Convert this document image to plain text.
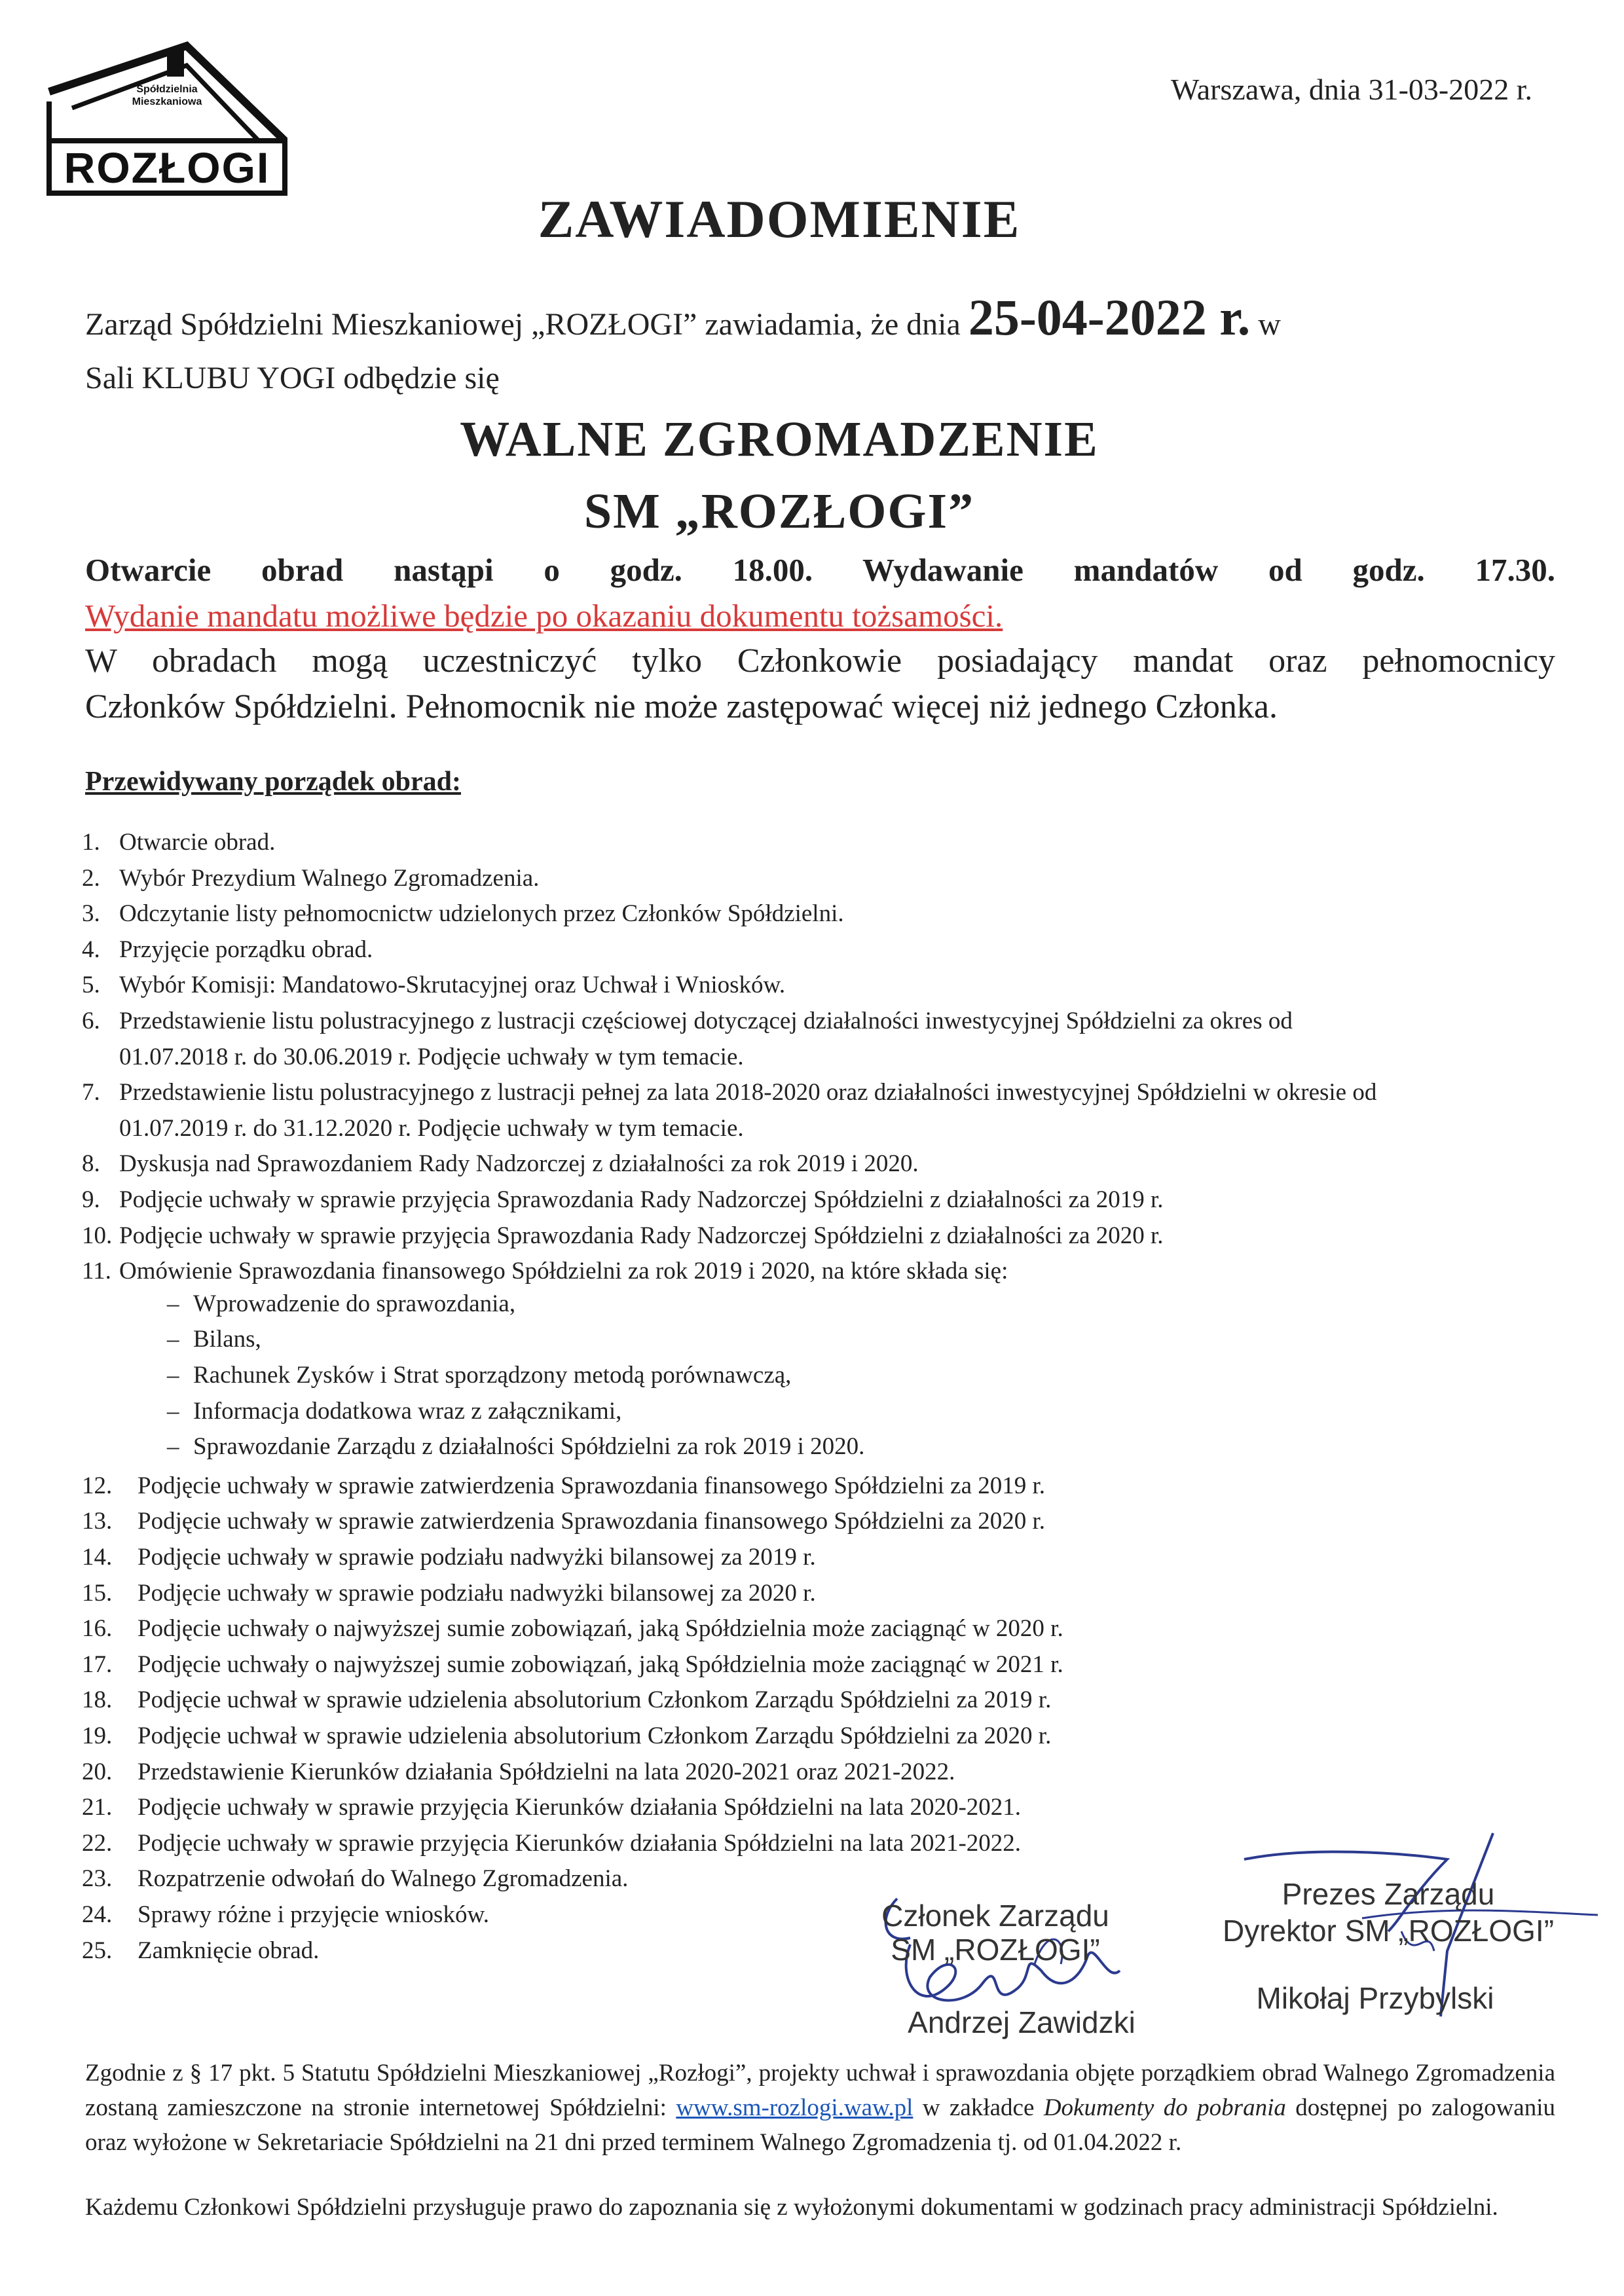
Spółdzielnia
Mieszkaniowa
ROZŁOGI
Warszawa, dnia 31-03-2022 r.
ZAWIADOMIENIE
Zarząd Spółdzielni Mieszkaniowej „ROZŁOGI” zawiadamia, że dnia 25-04-2022 r. w
Sali KLUBU YOGI odbędzie się
WALNE ZGROMADZENIE
SM „ROZŁOGI”
Otwarcie obrad nastąpi o godz. 18.00. Wydawanie mandatów od godz. 17.30.
Wydanie mandatu możliwe będzie po okazaniu dokumentu tożsamości.
W obradach mogą uczestniczyć tylko Członkowie posiadający mandat oraz pełnomocnicy
Członków Spółdzielni. Pełnomocnik nie może zastępować więcej niż jednego Członka.
Przewidywany porządek obrad:
1. Otwarcie obrad.
2. Wybór Prezydium Walnego Zgromadzenia.
3. Odczytanie listy pełnomocnictw udzielonych przez Członków Spółdzielni.
4. Przyjęcie porządku obrad.
5. Wybór Komisji: Mandatowo-Skrutacyjnej oraz Uchwał i Wniosków.
6. Przedstawienie listu polustracyjnego z lustracji częściowej dotyczącej działalności inwestycyjnej Spółdzielni za okres od
01.07.2018 r. do 30.06.2019 r. Podjęcie uchwały w tym temacie.
7. Przedstawienie listu polustracyjnego z lustracji pełnej za lata 2018-2020 oraz działalności inwestycyjnej Spółdzielni w okresie od
01.07.2019 r. do 31.12.2020 r. Podjęcie uchwały w tym temacie.
8. Dyskusja nad Sprawozdaniem Rady Nadzorczej z działalności za rok 2019 i 2020.
9. Podjęcie uchwały w sprawie przyjęcia Sprawozdania Rady Nadzorczej Spółdzielni z działalności za 2019 r.
10. Podjęcie uchwały w sprawie przyjęcia Sprawozdania Rady Nadzorczej Spółdzielni z działalności za 2020 r.
11. Omówienie Sprawozdania finansowego Spółdzielni za rok 2019 i 2020, na które składa się:
– Wprowadzenie do sprawozdania,
– Bilans,
– Rachunek Zysków i Strat sporządzony metodą porównawczą,
– Informacja dodatkowa wraz z załącznikami,
– Sprawozdanie Zarządu z działalności Spółdzielni za rok 2019 i 2020.
12.	Podjęcie uchwały w sprawie zatwierdzenia Sprawozdania finansowego Spółdzielni za 2019 r.
13.	Podjęcie uchwały w sprawie zatwierdzenia Sprawozdania finansowego Spółdzielni za 2020 r.
14.	Podjęcie uchwały w sprawie podziału nadwyżki bilansowej za 2019 r.
15.	Podjęcie uchwały w sprawie podziału nadwyżki bilansowej za 2020 r.
16.	Podjęcie uchwały o najwyższej sumie zobowiązań, jaką Spółdzielnia może zaciągnąć w 2020 r.
17.	Podjęcie uchwały o najwyższej sumie zobowiązań, jaką Spółdzielnia może zaciągnąć w 2021 r.
18.	Podjęcie uchwał w sprawie udzielenia absolutorium Członkom Zarządu Spółdzielni za 2019 r.
19.	Podjęcie uchwał w sprawie udzielenia absolutorium Członkom Zarządu Spółdzielni za 2020 r.
20.	Przedstawienie Kierunków działania Spółdzielni na lata 2020-2021 oraz 2021-2022.
21.	Podjęcie uchwały w sprawie przyjęcia Kierunków działania Spółdzielni na lata 2020-2021.
22.	Podjęcie uchwały w sprawie przyjęcia Kierunków działania Spółdzielni na lata 2021-2022.
23.	Rozpatrzenie odwołań do Walnego Zgromadzenia.
24.	Sprawy różne i przyjęcie wniosków.
25.	Zamknięcie obrad.
Członek Zarządu
SM „ROZŁOGI”
Andrzej Zawidzki
Prezes Zarządu
Dyrektor SM „ROZŁOGI”
Mikołaj Przybylski
Zgodnie z § 17 pkt. 5 Statutu Spółdzielni Mieszkaniowej „Rozłogi”, projekty uchwał i sprawozdania objęte porządkiem obrad Walnego Zgromadzenia zostaną zamieszczone na stronie internetowej Spółdzielni: www.sm-rozlogi.waw.pl w zakładce Dokumenty do pobrania dostępnej po zalogowaniu oraz wyłożone w Sekretariacie Spółdzielni na 21 dni przed terminem Walnego Zgromadzenia tj. od 01.04.2022 r.
Każdemu Członkowi Spółdzielni przysługuje prawo do zapoznania się z wyłożonymi dokumentami w godzinach pracy administracji Spółdzielni.
